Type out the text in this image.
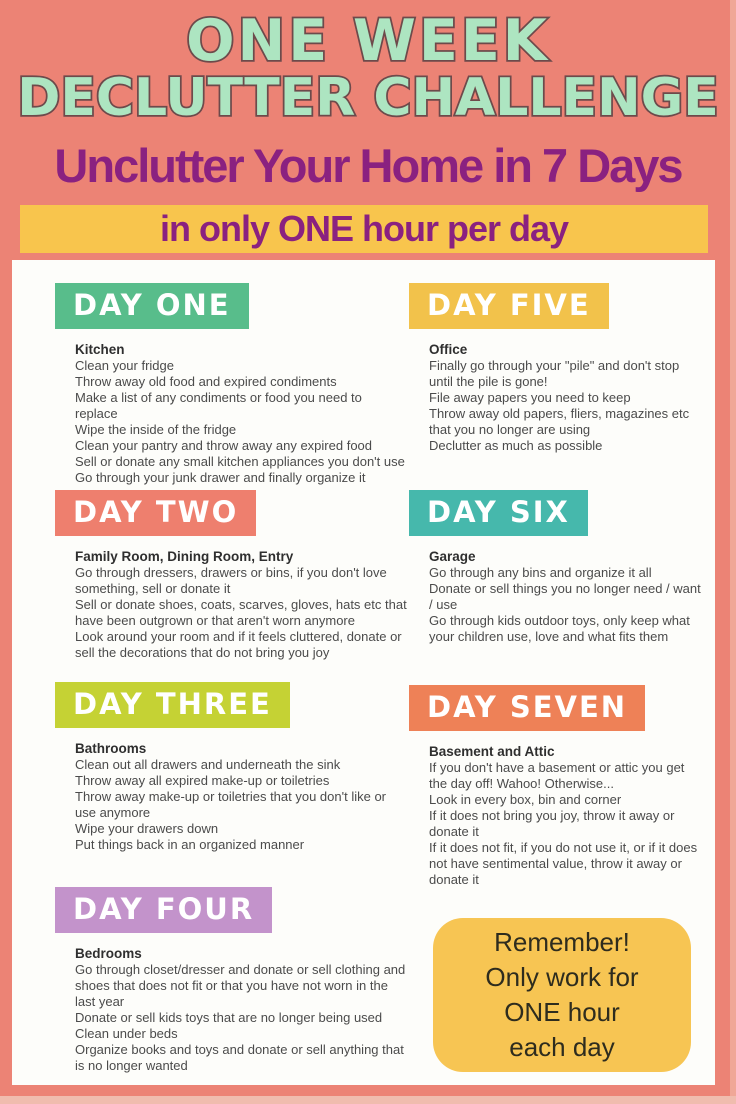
ONE WEEK
DECLUTTER CHALLENGE
Unclutter Your Home in 7 Days
in only ONE hour per day
DAY ONE
Kitchen
Clean your fridge
Throw away old food and expired condiments
Make a list of any condiments or food you need to replace
Wipe the inside of the fridge
Clean your pantry and throw away any expired food
Sell or donate any small kitchen appliances you don't use
Go through your junk drawer and finally organize it
DAY TWO
Family Room, Dining Room, Entry
Go through dressers, drawers or bins, if you don't love something, sell or donate it
Sell or donate shoes, coats, scarves, gloves, hats etc that have been outgrown or that aren't worn anymore
Look around your room and if it feels cluttered, donate or sell the decorations that do not bring you joy
DAY THREE
Bathrooms
Clean out all drawers and underneath the sink
Throw away all expired make-up or toiletries
Throw away make-up or toiletries that you don't like or use anymore
Wipe your drawers down
Put things back in an organized manner
DAY FOUR
Bedrooms
Go through closet/dresser and donate or sell clothing and shoes that does not fit or that you have not worn in the last year
Donate or sell kids toys that are no longer being used
Clean under beds
Organize books and toys and donate or sell anything that is no longer wanted
DAY FIVE
Office
Finally go through your "pile" and don't stop until the pile is gone!
File away papers you need to keep
Throw away old papers, fliers, magazines etc that you no longer are using
Declutter as much as possible
DAY SIX
Garage
Go through any bins and organize it all
Donate or sell things you no longer need / want / use
Go through kids outdoor toys, only keep what your children use, love and what fits them
DAY SEVEN
Basement and Attic
If you don't have a basement or attic you get the day off! Wahoo! Otherwise...
Look in every box, bin and corner
If it does not bring you joy, throw it away or donate it
If it does not fit, if you do not use it, or if it does not have sentimental value, throw it away or donate it
Remember!
Only work for
ONE hour
each day
